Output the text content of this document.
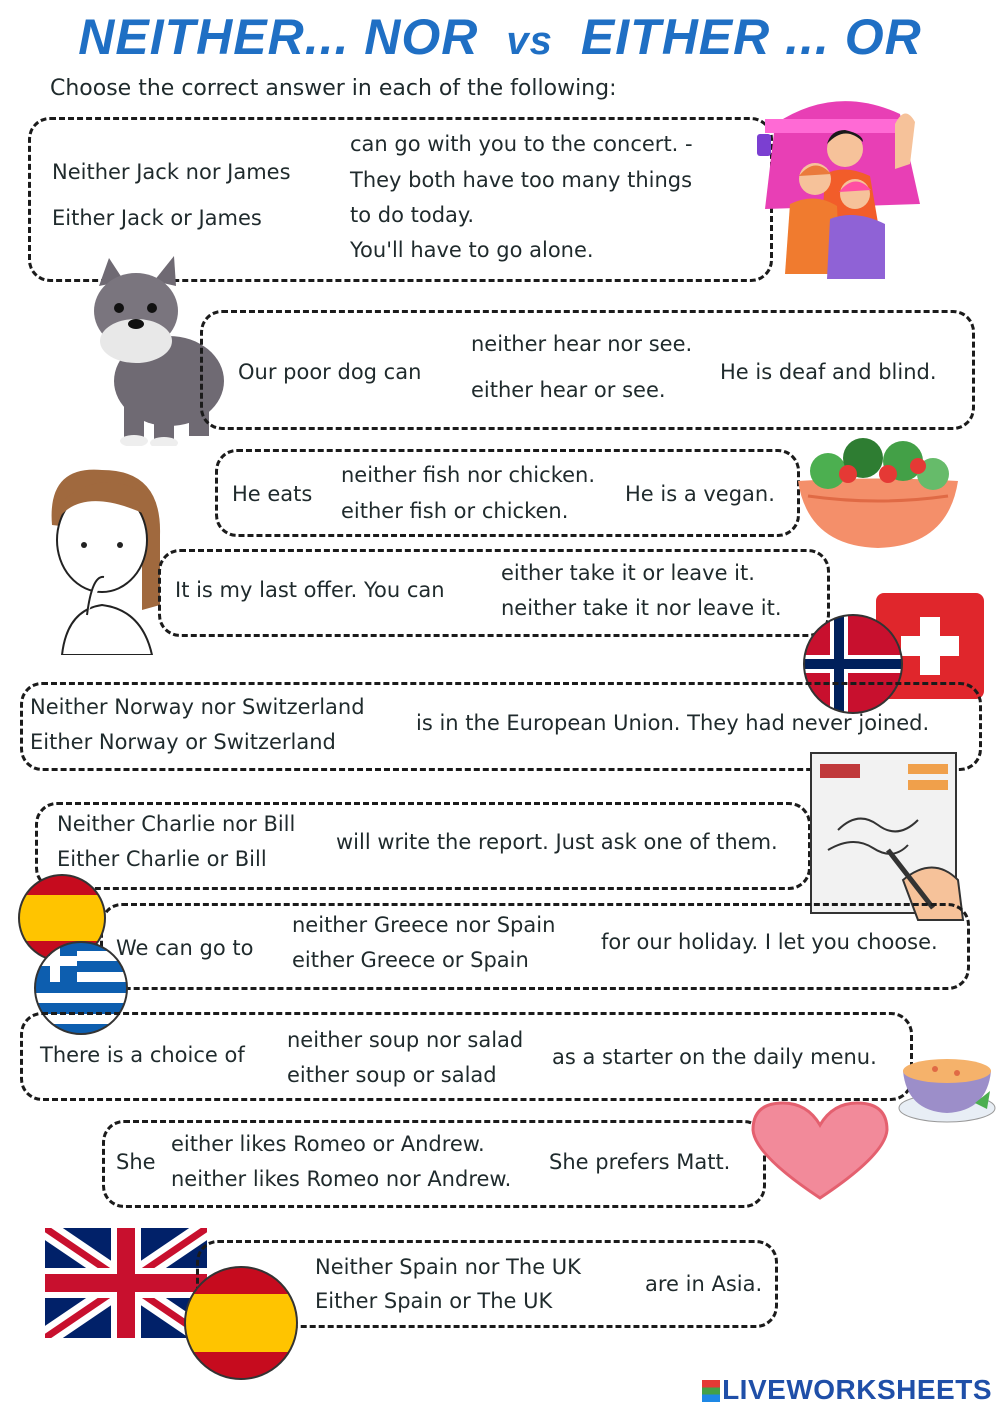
NEITHER... NOR vs EITHER ... OR
Choose the correct answer in each of the following:
Neither Jack nor James
Either Jack or James
can go with you to the concert. -
They both have too many things
to do today.
You'll have to go alone.
Our poor dog can
neither hear nor see.
either hear or see.
He is deaf and blind.
He eats
neither fish nor chicken.
either fish or chicken.
He is a vegan.
It is my last offer. You can
either take it or leave it.
neither take it nor leave it.
Neither Norway nor Switzerland
Either Norway or Switzerland
is in the European Union. They had never joined.
Neither Charlie nor Bill
Either Charlie or Bill
will write the report. Just ask one of them.
We can go to
neither Greece nor Spain
either Greece or Spain
for our holiday. I let you choose.
There is a choice of
neither soup nor salad
either soup or salad
as a starter on the daily menu.
She
either likes Romeo or Andrew.
neither likes Romeo nor Andrew.
She prefers Matt.
Neither Spain nor The UK
Either Spain or The UK
are in Asia.
LIVEWORKSHEETS
